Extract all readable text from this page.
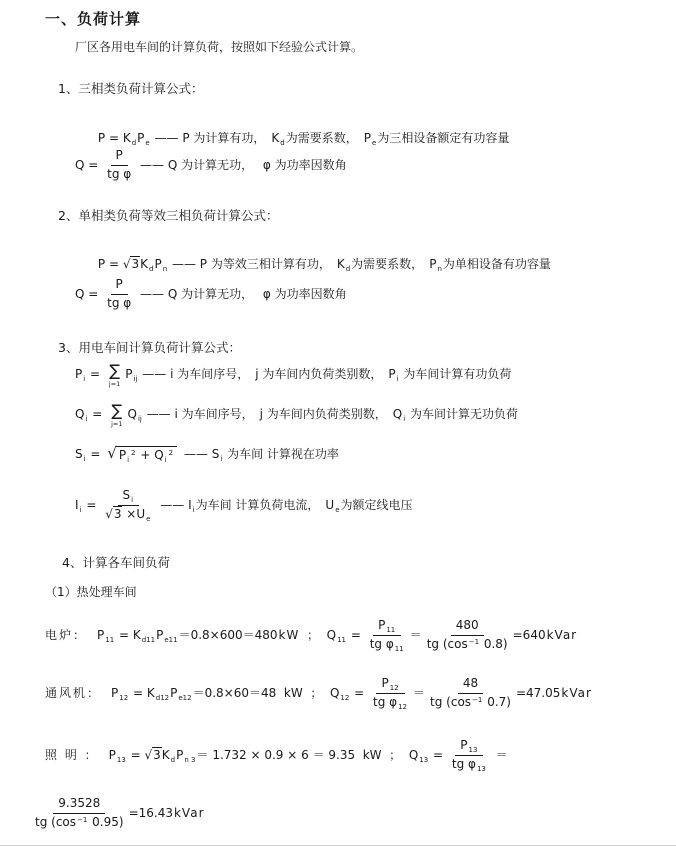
一、负荷计算
厂区各用电车间的计算负荷，按照如下经验公式计算。
1、三相类负荷计算公式：

$P = K_dP_e$ —— P 为计算有功，　$K_d$为需要系数，　$P_e$为三相设备额定有功容量

$Q = \frac{P}{\text{tg φ}}$ —— Q 为计算无功，　 φ 为功率因数角
2、单相类负荷等效三相负荷计算公式：

$P = √3K_dP_n$ —— P 为等效三相计算有功，　$K_d$为需要系数，　$P_n$为单相设备有功容量

$Q = \frac{P}{\text{tg φ}}$ —— Q 为计算无功，　 φ 为功率因数角
3、用电车间计算负荷计算公式：
$P_i$ = ∑
j=1
$P_{ij}$ —— i 为车间序号，　j 为车间内负荷类别数，　$P_i$ 为车间计算有功负荷
$Q_i$ = ∑
j=1
$Q_{ij}$ —— i 为车间序号，　j 为车间内负荷类别数，　$Q_i$ 为车间计算无功负荷
$S_i$ = √ $P_i^2 + Q_i^2$ —— $S_i$ 为车间 计算视在功率
$I_i = \frac{S_i}{√3 \times U_e}$ —— $I_i$为车间 计算负荷电流，　$U_e$为额定线电压
4、计算各车间负荷
（1）热处理车间
电炉： $P_{11} = K_{d11}P_{e11}=0.8\times 600=480kW$  ；  $Q_{11} = \frac{P_{11}}{tg \varphi_{11}} = \frac{480}{tg (\cos^{-1} 0.8)}$ =640kVar
通风机： $P_{12} = K_{d12}P_{e12}=0.8\times 60=48$  kW  ；  $Q_{12} = \frac{P_{12}}{tg \varphi_{12}} = \frac{48}{tg (\cos^{-1} 0.7)}$ =47.05kVar
照 明 ： $P_{13} = √3K_dP_{n 3}= 1.732 \times 0.9 \times 6 = 9.35$  kW  ；  $Q_{13} = \frac{P_{13}}{tg \varphi_{13}}$ ＝
$\frac{9.3528}{tg (\cos^{-1} 0.95)}$ =16.43kVar
